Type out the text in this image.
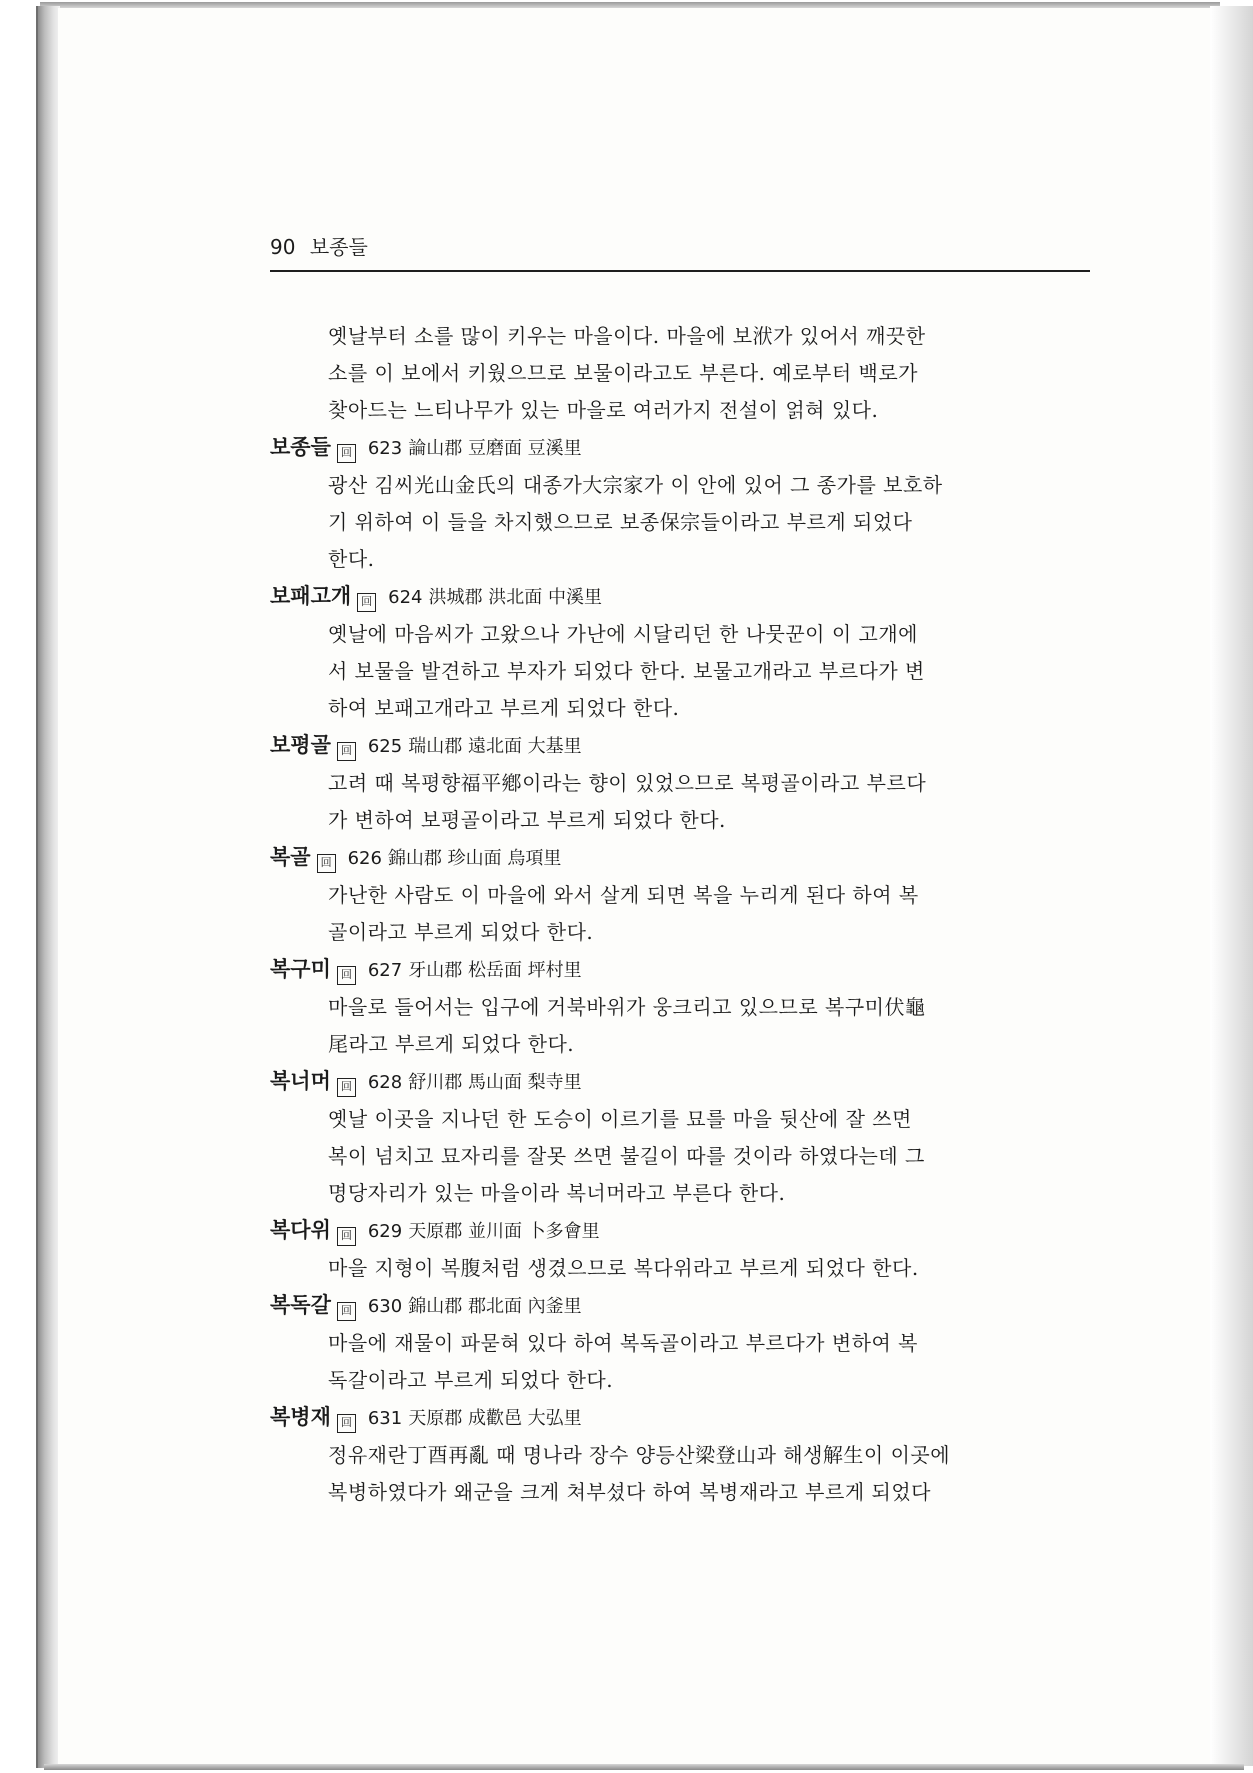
90 보종들
옛날부터 소를 많이 키우는 마을이다. 마을에 보洑가 있어서 깨끗한
소를 이 보에서 키웠으므로 보물이라고도 부른다. 예로부터 백로가
찾아드는 느티나무가 있는 마을로 여러가지 전설이 얽혀 있다.
보종들 回 623 論山郡 豆磨面 豆溪里
광산 김씨光山金氏의 대종가大宗家가 이 안에 있어 그 종가를 보호하
기 위하여 이 들을 차지했으므로 보종保宗들이라고 부르게 되었다
한다.
보패고개 回 624 洪城郡 洪北面 中溪里
옛날에 마음씨가 고왔으나 가난에 시달리던 한 나뭇꾼이 이 고개에
서 보물을 발견하고 부자가 되었다 한다. 보물고개라고 부르다가 변
하여 보패고개라고 부르게 되었다 한다.
보평골 回 625 瑞山郡 遠北面 大基里
고려 때 복평향福平鄕이라는 향이 있었으므로 복평골이라고 부르다
가 변하여 보평골이라고 부르게 되었다 한다.
복골 回 626 錦山郡 珍山面 烏項里
가난한 사람도 이 마을에 와서 살게 되면 복을 누리게 된다 하여 복
골이라고 부르게 되었다 한다.
복구미 回 627 牙山郡 松岳面 坪村里
마을로 들어서는 입구에 거북바위가 웅크리고 있으므로 복구미伏龜
尾라고 부르게 되었다 한다.
복너머 回 628 舒川郡 馬山面 梨寺里
옛날 이곳을 지나던 한 도승이 이르기를 묘를 마을 뒷산에 잘 쓰면
복이 넘치고 묘자리를 잘못 쓰면 불길이 따를 것이라 하였다는데 그
명당자리가 있는 마을이라 복너머라고 부른다 한다.
복다위 回 629 天原郡 並川面 卜多會里
마을 지형이 복腹처럼 생겼으므로 복다위라고 부르게 되었다 한다.
복독갈 回 630 錦山郡 郡北面 內釜里
마을에 재물이 파묻혀 있다 하여 복독골이라고 부르다가 변하여 복
독갈이라고 부르게 되었다 한다.
복병재 回 631 天原郡 成歡邑 大弘里
정유재란丁酉再亂 때 명나라 장수 양등산梁登山과 해생解生이 이곳에
복병하였다가 왜군을 크게 쳐부셨다 하여 복병재라고 부르게 되었다
